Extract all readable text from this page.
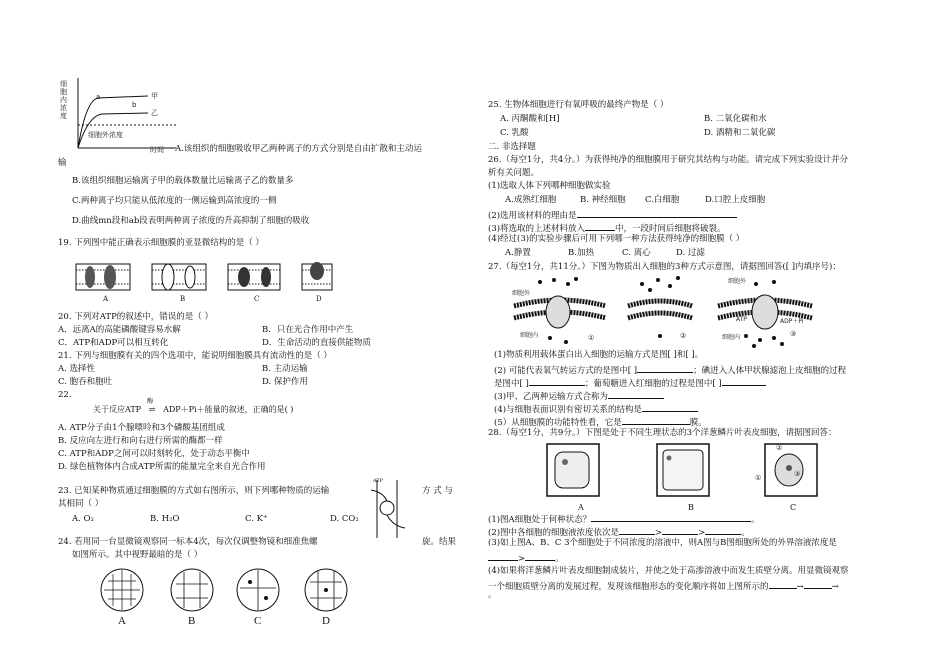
细胞内浓度
a
b
甲
乙
细胞外浓度
时间 A.该组织的细胞吸收甲乙两种离子的方式分别是自由扩散和主动运
输
B.该组织细胞运输离子甲的载体数量比运输离子乙的数量多
C.两种离子均只能从低浓度的一侧运输到高浓度的一侧
D.曲线mn段和ab段表明两种离子浓度的升高抑制了细胞的吸收
19. 下列图中能正确表示细胞膜的亚显微结构的是（ ）
A	B	C	D
20. 下列对ATP的叙述中，错误的是（ ）
A．远离A的高能磷酸键容易水解	B．只在光合作用中产生
C．ATP和ADP可以相互转化	D．生命活动的直接供能物质
21. 下列与细胞膜有关的四个选项中，能说明细胞膜具有流动性的是（ ）
A. 选择性	B. 主动运输
C. 胞吞和胞吐	D. 保护作用
22.
关于反应ATP
酶
⇌ ADP＋Pi＋能量的叙述，正确的是( )
A. ATP分子由1个腺嘌呤和3个磷酸基团组成
B. 反应向左进行和向右进行所需的酶都一样
C. ATP和ADP之间可以时刻转化，处于动态平衡中
D. 绿色植物体内合成ATP所需的能量完全来自光合作用
23. 已知某种物质通过细胞膜的方式如右图所示，则下列哪种物质的运输	方 式 与
其相同（ ）
ATP
A. O₂	B. H₂O	C. K⁺	D. CO₂
24. 若用同一台显微镜观察同一标本4次，每次仅调整物镜和细准焦螺	旋。结果
如图所示。其中视野最暗的是（ ）
A	B	C	D
25. 生物体细胞进行有氧呼吸的最终产物是（ ）
A. 丙酮酸和[H]	B. 二氧化碳和水
C. 乳酸	D. 酒精和二氧化碳
二. 非选择题
26.（每空1分，共4分。）为获得纯净的细胞膜用于研究其结构与功能。请完成下列实验设计并分
析有关问题。
(1)选取人体下列哪种细胞做实验
A.成熟红细胞	B. 神经细胞 C.白细胞	D.口腔上皮细胞
(2)选用该材料的理由是
(3)将选取的上述材料放入	中，一段时间后细胞将破裂。
(4)经过(3)的实验步骤后可用下列哪一种方法获得纯净的细胞膜（ ）
A.静置	B.加热	C. 离心	D. 过滤
27.（每空1分，共11分。）下图为物质出入细胞的3种方式示意图，请据图回答([ ]内填序号)：
细胞外
细胞内
细胞外
细胞内
ATP	ADP＋Pi
①	②	③
(1)物质利用载体蛋白出入细胞的运输方式是图[ ]和[ ]。
(2) 可能代表氧气转运方式的是图中[ ]	；碘进入人体甲状腺滤泡上皮细胞的过程
是图中[ ]	；葡萄糖进入红细胞的过程是图中[ ]
(3)甲、乙两种运输方式合称为
(4)与细胞表面识别有密切关系的结构是
(5）从细胞膜的功能特性看，它是	膜。
28.（每空1分，共9分。）下图是处于不同生理状态的3个洋葱鳞片叶表皮细胞，请据图回答：
①
②
③
A	B	C
(1)图A细胞处于何种状态？	。
(2)图中各细胞的细胞液浓度依次是	>	>	。
(3)如上图A、B、C 3个细胞处于不同浓度的溶液中，则A图与B图细胞所处的外界溶液浓度是
>	。
(4)如果将洋葱鳞片叶表皮细胞制成装片，并使之处于高渗溶液中而发生质壁分离。用显微镜观察
一个细胞质壁分离的发展过程，发现该细胞形态的变化顺序将如上图所示的	→	→
。
